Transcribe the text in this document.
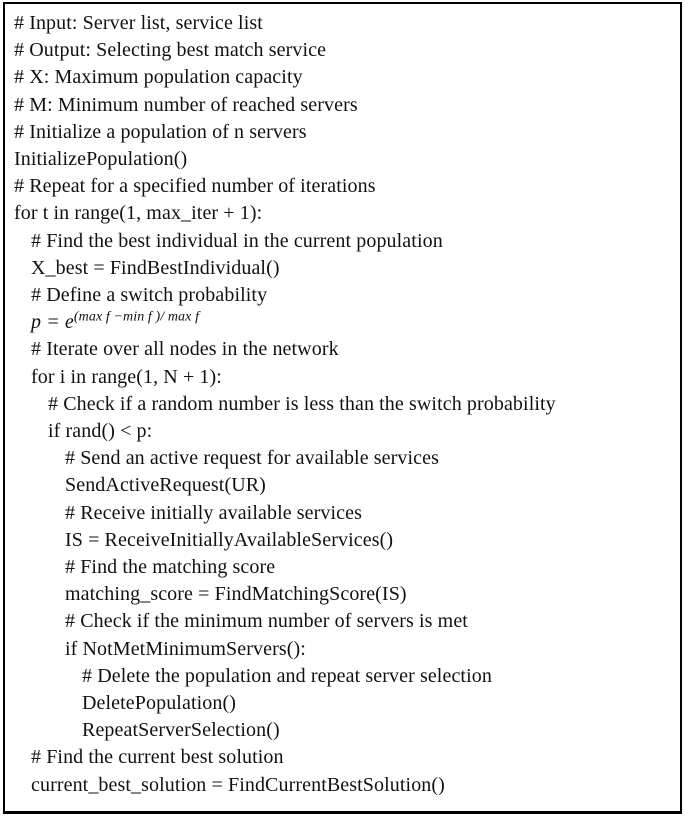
# Input: Server list, service list
# Output: Selecting best match service
# X: Maximum population capacity
# M: Minimum number of reached servers
# Initialize a population of n servers
InitializePopulation()
# Repeat for a specified number of iterations
for t in range(1, max_iter + 1):
# Find the best individual in the current population
X_best = FindBestIndividual()
# Define a switch probability
$p = e^{(max f -min f )/ max f}$
# Iterate over all nodes in the network
for i in range(1, N + 1):
# Check if a random number is less than the switch probability
if rand() < p:
# Send an active request for available services
SendActiveRequest(UR)
# Receive initially available services
IS = ReceiveInitiallyAvailableServices()
# Find the matching score
matching_score = FindMatchingScore(IS)
# Check if the minimum number of servers is met
if NotMetMinimumServers():
# Delete the population and repeat server selection
DeletePopulation()
RepeatServerSelection()
# Find the current best solution
current_best_solution = FindCurrentBestSolution()
